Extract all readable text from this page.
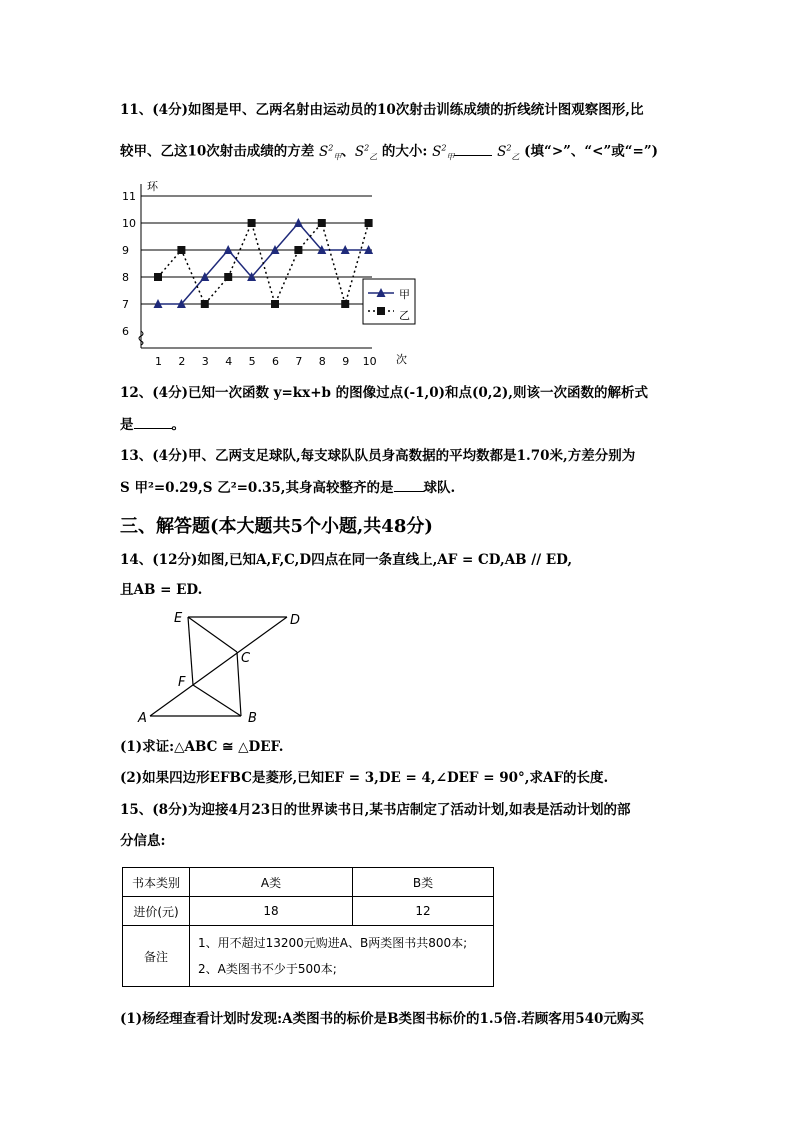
11、(4分)如图是甲、乙两名射由运动员的10次射击训练成绩的折线统计图观察图形,比
较甲、乙这10次射击成绩的方差 $S^2_甲$、$S^2_乙$ 的大小: $S^2_甲$	$S^2_乙$ (填“>”、“<”或“=”)
环
次
6
7
8
9
10
11
1 2 3 4 5 6 7 8 9 10
甲
乙
12、(4分)已知一次函数 y=kx+b 的图像过点(-1,0)和点(0,2),则该一次函数的解析式
是	。
13、(4分)甲、乙两支足球队,每支球队队员身高数据的平均数都是1.70米,方差分别为
S 甲²=0.29,S 乙²=0.35,其身高较整齐的是 球队.
三、解答题(本大题共5个小题,共48分)
14、(12分)如图,已知A,F,C,D四点在同一条直线上,AF = CD,AB // ED,
且AB = ED.
E	D
C
F
A	B
(1)求证:△ABC ≅ △DEF.
(2)如果四边形EFBC是菱形,已知EF = 3,DE = 4,∠DEF = 90°,求AF的长度.
15、(8分)为迎接4月23日的世界读书日,某书店制定了活动计划,如表是活动计划的部
分信息:
书本类别	A类	B类
进价(元)	18	12
备注	1、用不超过13200元购进A、B两类图书共800本;
2、A类图书不少于500本;	
(1)杨经理查看计划时发现:A类图书的标价是B类图书标价的1.5倍.若顾客用540元购买
